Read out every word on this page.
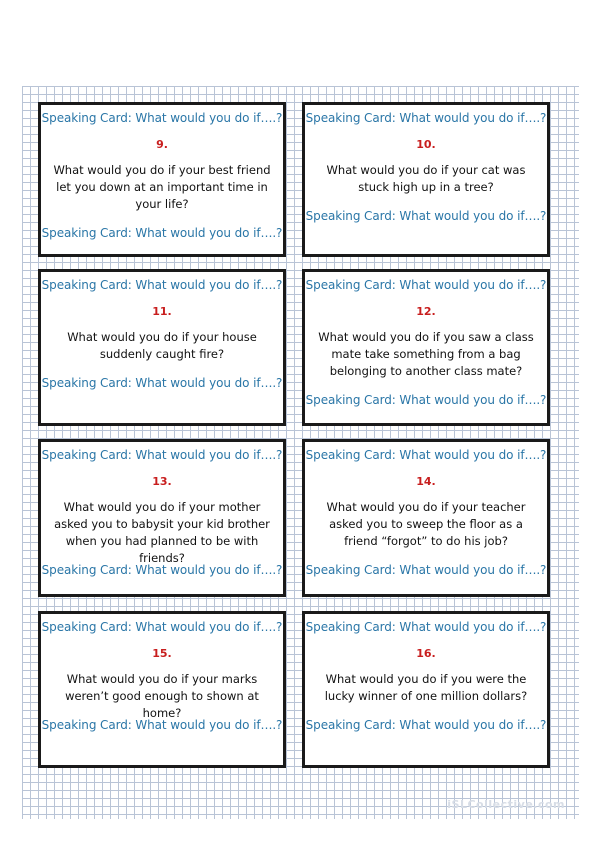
Speaking Card: What would you do if….?
9.
What would you do if your best friend let you down at an important time in your life?
Speaking Card: What would you do if….?
Speaking Card: What would you do if….?
10.
What would you do if your cat was stuck high up in a tree?
Speaking Card: What would you do if….?
Speaking Card: What would you do if….?
11.
What would you do if your house suddenly caught fire?
Speaking Card: What would you do if….?
Speaking Card: What would you do if….?
12.
What would you do if you saw a class mate take something from a bag belonging to another class mate?
Speaking Card: What would you do if….?
Speaking Card: What would you do if….?
13.
What would you do if your mother asked you to babysit your kid brother when you had planned to be with friends?
Speaking Card: What would you do if….?
Speaking Card: What would you do if….?
14.
What would you do if your teacher asked you to sweep the floor as a friend “forgot” to do his job?
Speaking Card: What would you do if….?
Speaking Card: What would you do if….?
15.
What would you do if your marks weren’t good enough to shown at home?
Speaking Card: What would you do if….?
Speaking Card: What would you do if….?
16.
What would you do if you were the lucky winner of one million dollars?
Speaking Card: What would you do if….?
iSLCollective.com
